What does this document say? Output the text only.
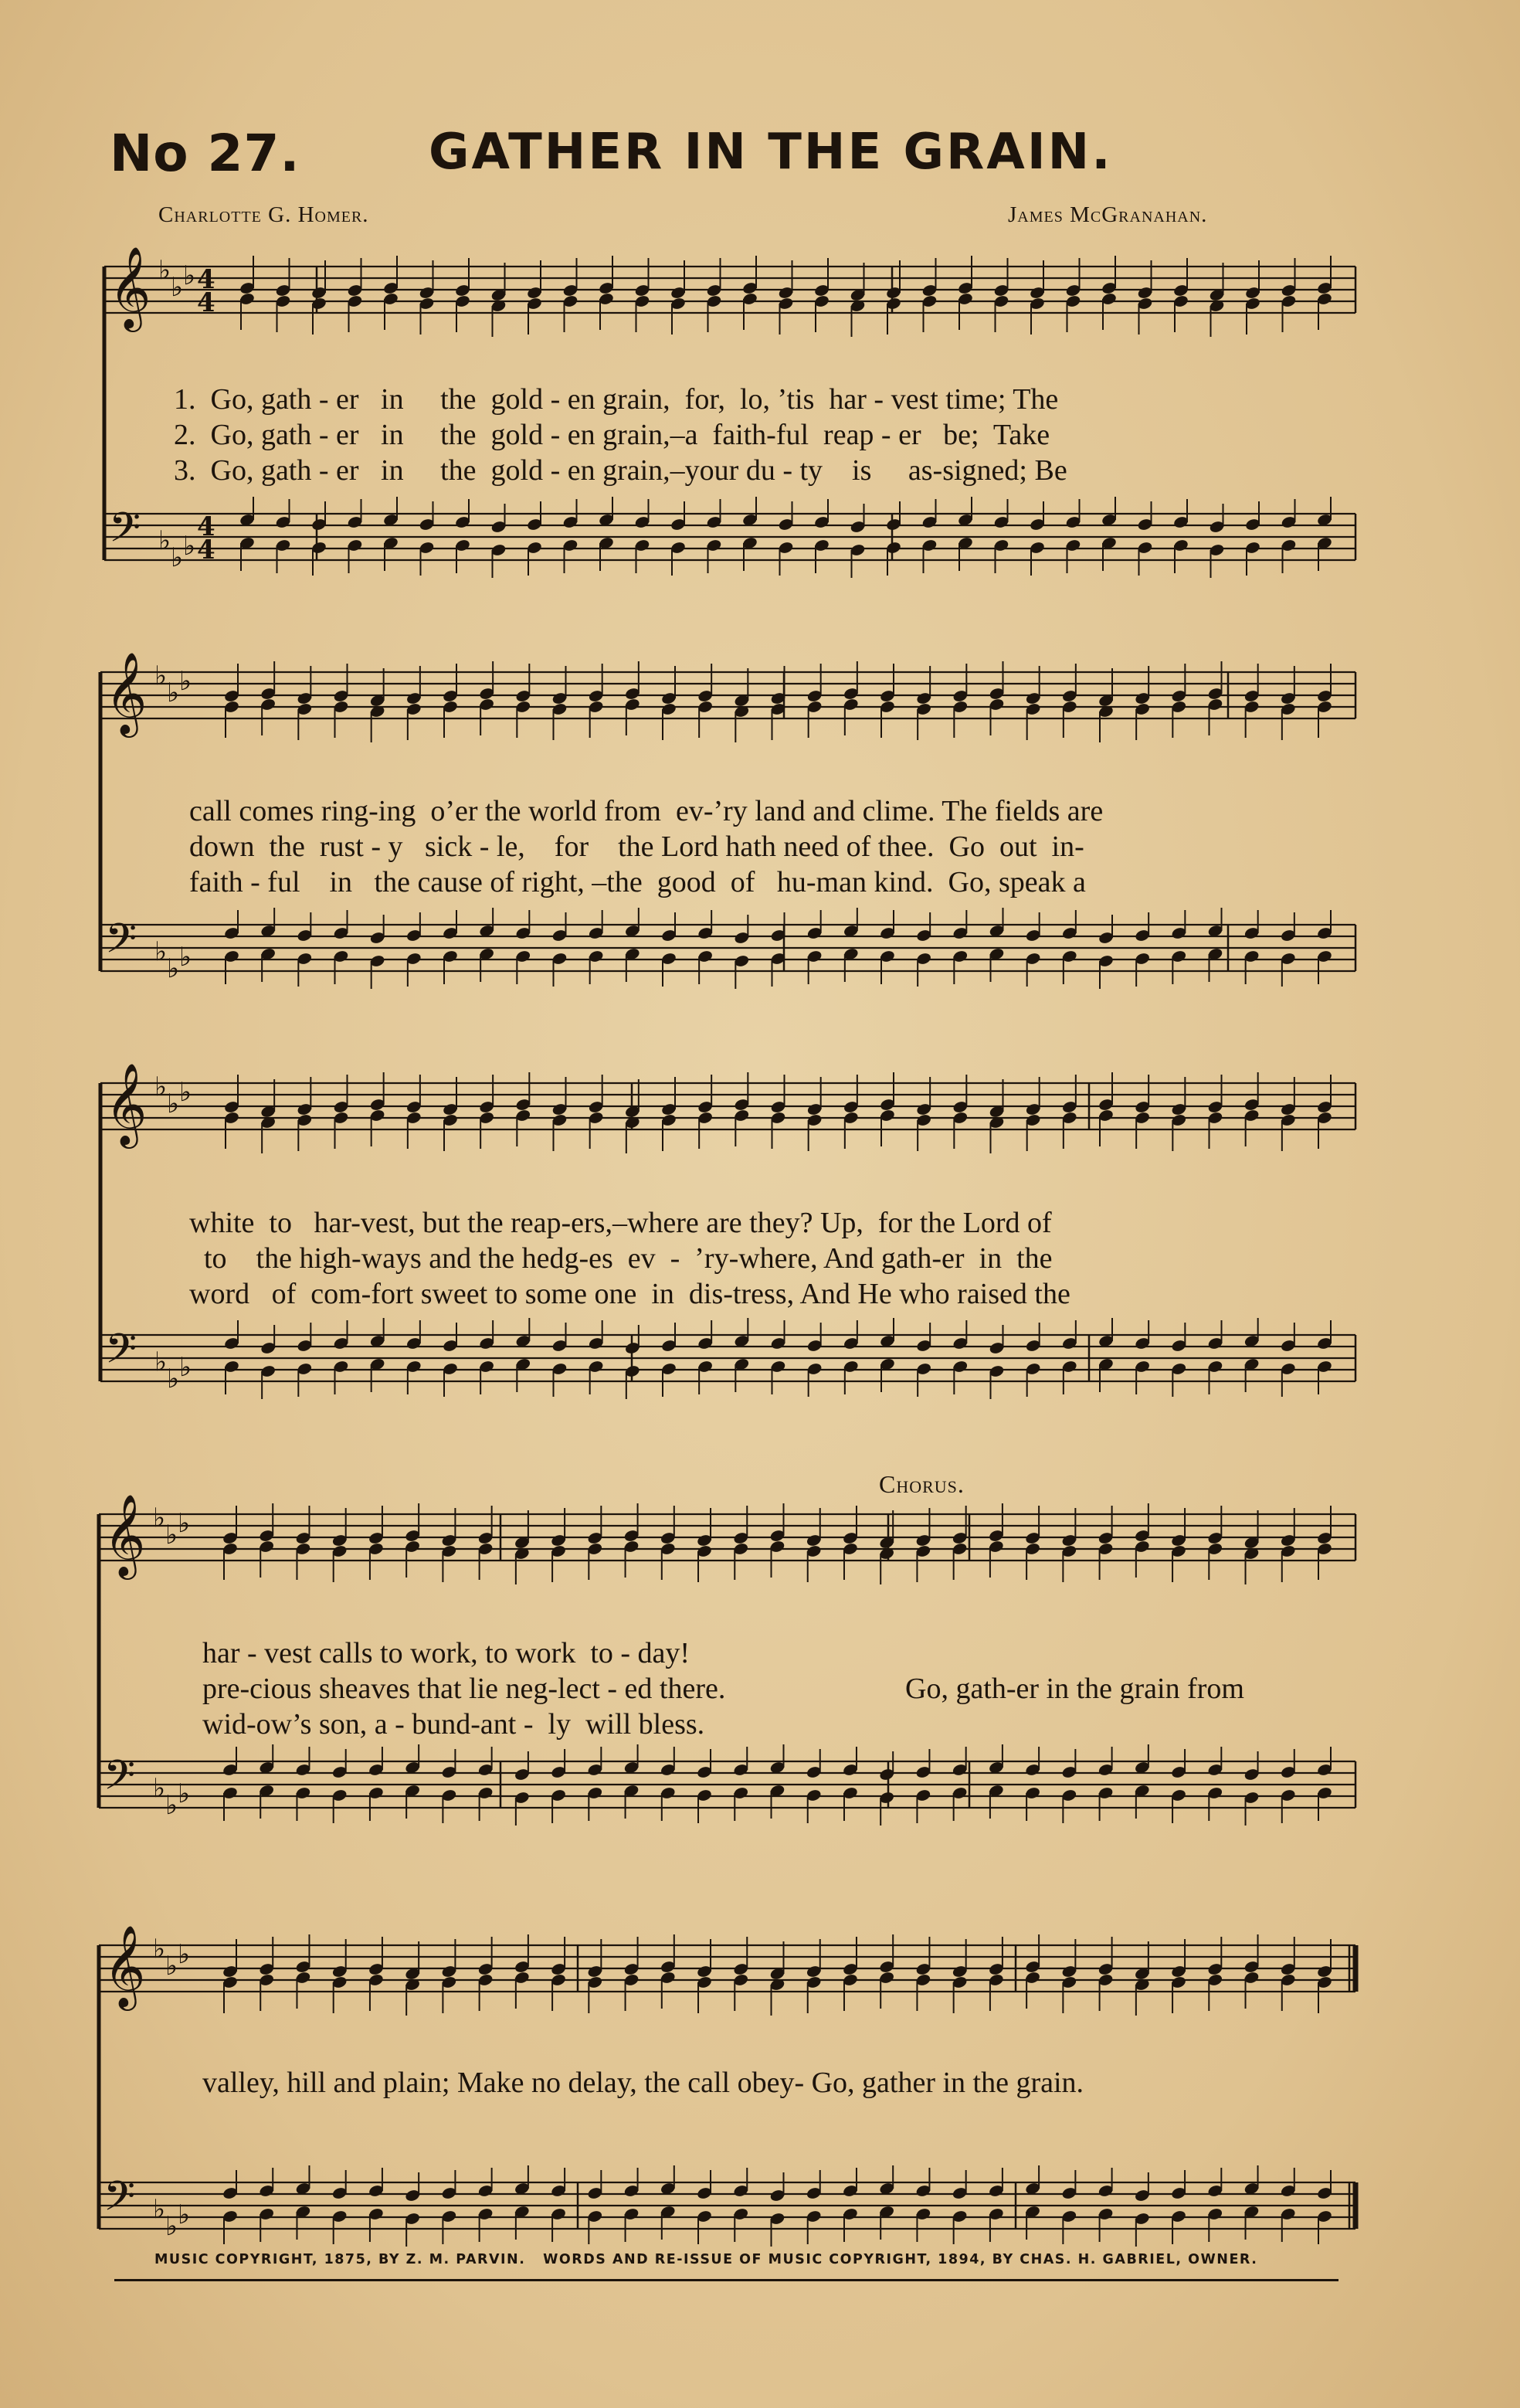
No 27.	GATHER IN THE GRAIN.
Charlotte G. Homer.	James McGranahan.
𝄞 ♭
♭ ♭ 4
4
𝄢 ♭
♭ ♭
4
4
𝄞 ♭
♭ ♭
𝄢 ♭
♭ ♭
𝄞 ♭
♭ ♭
𝄢 ♭
♭ ♭
𝄞 ♭
♭ ♭
𝄢 ♭
♭ ♭
𝄞 ♭
♭ ♭
𝄢 ♭
♭ ♭
1.  Go, gath - er   in     the  gold - en grain,  for,  lo, ’tis  har - vest time; The
2.  Go, gath - er   in     the  gold - en grain,–a  faith-ful  reap - er   be;  Take
3.  Go, gath - er   in     the  gold - en grain,–your du - ty    is     as-signed; Be
call comes ring-ing  o’er the world from  ev-’ry land and clime. The fields are
down  the  rust - y   sick - le,    for    the Lord hath need of thee.  Go  out  in-
faith - ful    in   the cause of right, –the  good  of   hu-man kind.  Go, speak a
white  to   har-vest, but the reap-ers,–where are they? Up,  for the Lord of
to    the high-ways and the hedg-es  ev  -  ’ry-where, And gath-er  in  the
word   of  com-fort sweet to some one  in  dis-tress, And He who raised the
Chorus.
har - vest calls to work, to work  to - day!
pre-cious sheaves that lie neg-lect - ed there.
wid-ow’s son, a - bund-ant -  ly  will bless.
Go, gath-er in the grain from
valley, hill and plain; Make no delay, the call obey- Go, gather in the grain.
MUSIC COPYRIGHT, 1875, BY Z. M. PARVIN.   WORDS AND RE-ISSUE OF MUSIC COPYRIGHT, 1894, BY CHAS. H. GABRIEL, OWNER.
